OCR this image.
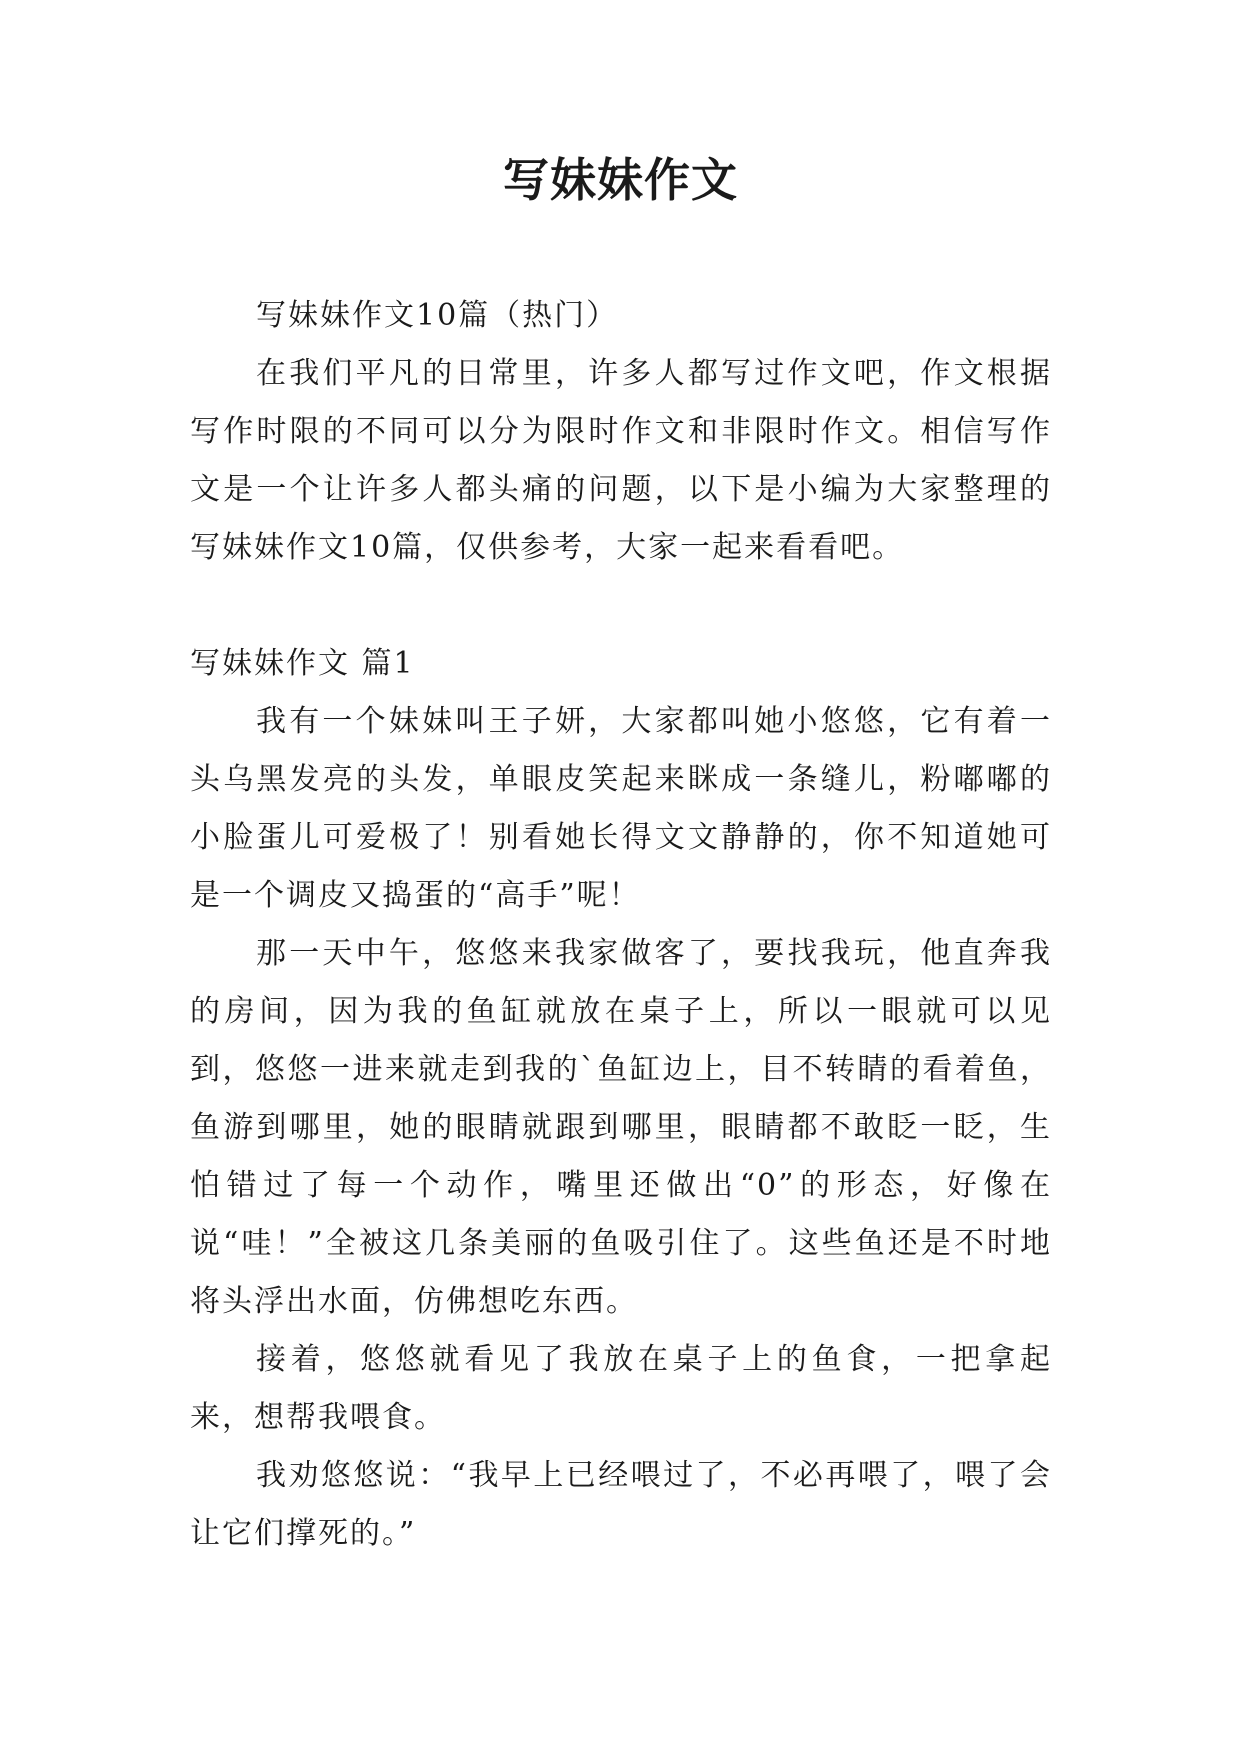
写妹妹作文

写妹妹作文10篇（热门）

在我们平凡的日常里，许多人都写过作文吧，作文根据写作时限的不同可以分为限时作文和非限时作文。相信写作文是一个让许多人都头痛的问题，以下是小编为大家整理的写妹妹作文10篇，仅供参考，大家一起来看看吧。

写妹妹作文 篇1

我有一个妹妹叫王子妍，大家都叫她小悠悠，它有着一头乌黑发亮的头发，单眼皮笑起来眯成一条缝儿，粉嘟嘟的小脸蛋儿可爱极了！别看她长得文文静静的，你不知道她可是一个调皮又捣蛋的“高手”呢！

那一天中午，悠悠来我家做客了，要找我玩，他直奔我的房间，因为我的鱼缸就放在桌子上，所以一眼就可以见到，悠悠一进来就走到我的`鱼缸边上，目不转睛的看着鱼，鱼游到哪里，她的眼睛就跟到哪里，眼睛都不敢眨一眨，生怕错过了每一个动作，嘴里还做出“0”的形态，好像在说“哇！”全被这几条美丽的鱼吸引住了。这些鱼还是不时地将头浮出水面，仿佛想吃东西。

接着，悠悠就看见了我放在桌子上的鱼食，一把拿起来，想帮我喂食。

我劝悠悠说：“我早上已经喂过了，不必再喂了，喂了会让它们撑死的。”
